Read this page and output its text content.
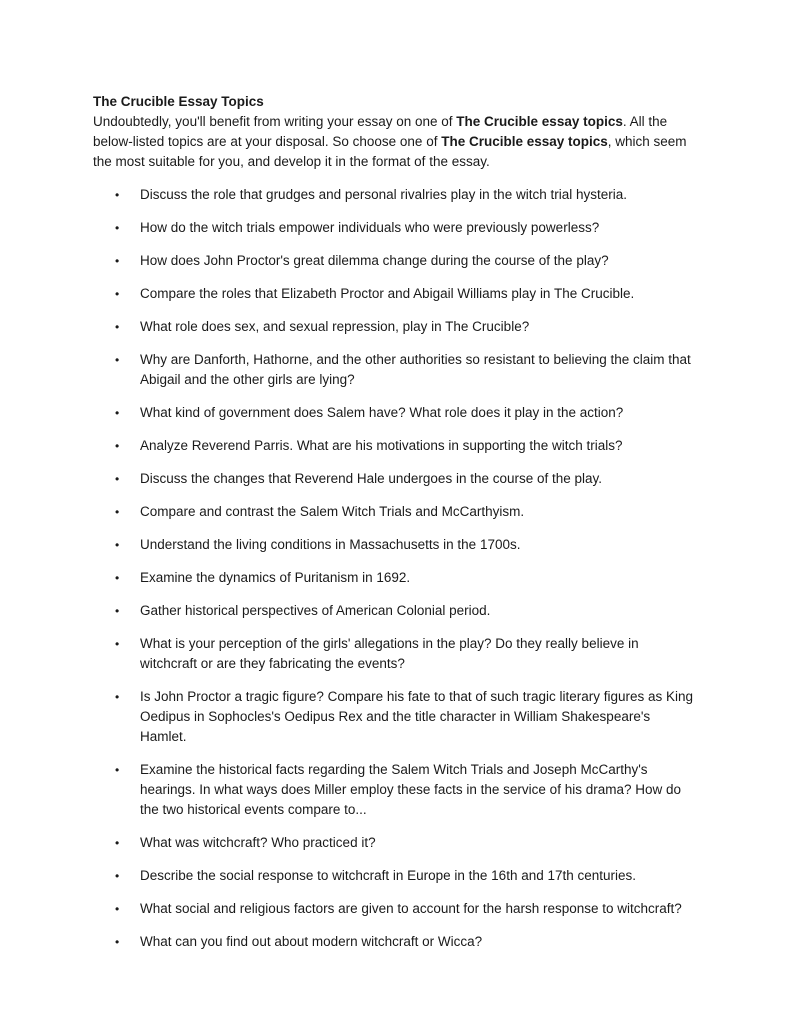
The Crucible Essay Topics

Undoubtedly, you'll benefit from writing your essay on one of The Crucible essay topics. All the below-listed topics are at your disposal. So choose one of The Crucible essay topics, which seem the most suitable for you, and develop it in the format of the essay.

• Discuss the role that grudges and personal rivalries play in the witch trial hysteria.
• How do the witch trials empower individuals who were previously powerless?
• How does John Proctor's great dilemma change during the course of the play?
• Compare the roles that Elizabeth Proctor and Abigail Williams play in The Crucible.
• What role does sex, and sexual repression, play in The Crucible?
• Why are Danforth, Hathorne, and the other authorities so resistant to believing the claim that Abigail and the other girls are lying?
• What kind of government does Salem have? What role does it play in the action?
• Analyze Reverend Parris. What are his motivations in supporting the witch trials?
• Discuss the changes that Reverend Hale undergoes in the course of the play.
• Compare and contrast the Salem Witch Trials and McCarthyism.
• Understand the living conditions in Massachusetts in the 1700s.
• Examine the dynamics of Puritanism in 1692.
• Gather historical perspectives of American Colonial period.
• What is your perception of the girls' allegations in the play? Do they really believe in witchcraft or are they fabricating the events?
• Is John Proctor a tragic figure? Compare his fate to that of such tragic literary figures as King Oedipus in Sophocles's Oedipus Rex and the title character in William Shakespeare's Hamlet.
• Examine the historical facts regarding the Salem Witch Trials and Joseph McCarthy's hearings. In what ways does Miller employ these facts in the service of his drama? How do the two historical events compare to...
• What was witchcraft? Who practiced it?
• Describe the social response to witchcraft in Europe in the 16th and 17th centuries.
• What social and religious factors are given to account for the harsh response to witchcraft?
• What can you find out about modern witchcraft or Wicca?
